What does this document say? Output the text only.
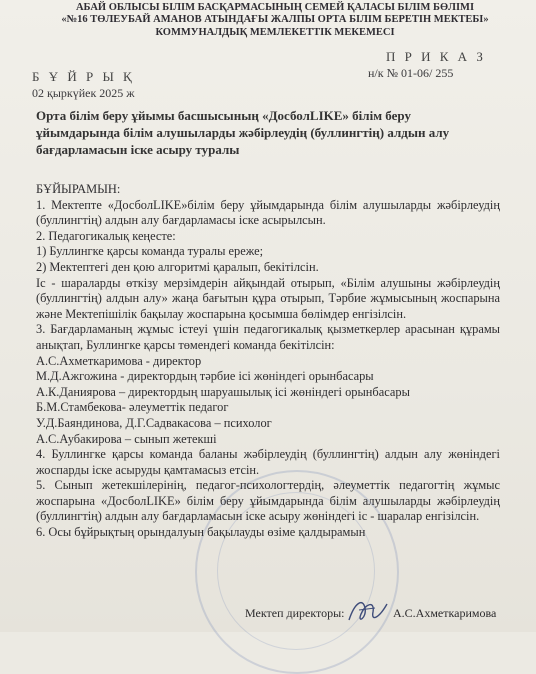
АБАЙ ОБЛЫСЫ БІЛІМ БАСҚАРМАСЫНЫҢ СЕМЕЙ ҚАЛАСЫ БІЛІМ БӨЛІМІ
«№16 ТӨЛЕУБАЙ АМАНОВ АТЫНДАҒЫ ЖАЛПЫ ОРТА БІЛІМ БЕРЕТІН МЕКТЕБІ»
КОММУНАЛДЫҚ МЕМЛЕКЕТТІК МЕКЕМЕСІ
П Р И К А З
н/к № 01-06/ 255
Б Ұ Й Р Ы Қ
02 қыркүйек 2025 ж
Орта білім беру ұйымы басшысының «ДосболLIKE» білім беру ұйымдарында білім алушыларды жәбірлеудің (буллингтің) алдын алу бағдарламасын іске асыру туралы

БҰЙЫРАМЫН:

1. Мектепте «ДосболLIKE»білім беру ұйымдарында білім алушыларды жәбірлеудің (буллингтің) алдын алу бағдарламасы іске асырылсын.

2. Педагогикалық кеңесте:

1) Буллингке қарсы команда туралы ереже;

2) Мектептегі ден қою алгоритмі қаралып, бекітілсін.

Іс - шараларды өткізу мерзімдерін айқындай отырып, «Білім алушыны жәбірлеудің (буллингтің) алдын алу» жаңа бағытын құра отырып, Тәрбие жұмысының жоспарына және Мектепішілік бақылау жоспарына қосымша бөлімдер енгізілсін.

3. Бағдарламаның жұмыс істеуі үшін педагогикалық қызметкерлер арасынан құрамы анықтап, Буллингке қарсы төмендегі команда бекітілсін:

А.С.Ахметкаримова - директор

М.Д.Ажгожина - директордың тәрбие ісі жөніндегі орынбасары

А.К.Даниярова – директордың шаруашылық ісі жөніндегі орынбасары

Б.М.Стамбекова- әлеуметтік педагог

У.Д.Баяндинова, Д.Г.Садвакасова – психолог

А.С.Аубакирова – сынып жетекші

4. Буллингке қарсы команда баланы жәбірлеудің (буллингтің) алдын алу жөніндегі жоспарды іске асыруды қамтамасыз етсін.

5. Сынып жетекшілерінің, педагог-психологтердің, әлеуметтік педагогтің жұмыс жоспарына «ДосболLIKE» білім беру ұйымдарында білім алушыларды жәбірлеудің (буллингтің) алдын алу бағдарламасын іске асыру жөніндегі іс - шаралар енгізілсін.

6. Осы бұйрықтың орындалуын бақылауды өзіме қалдырамын

Мектеп директоры:	А.С.Ахметкаримова
